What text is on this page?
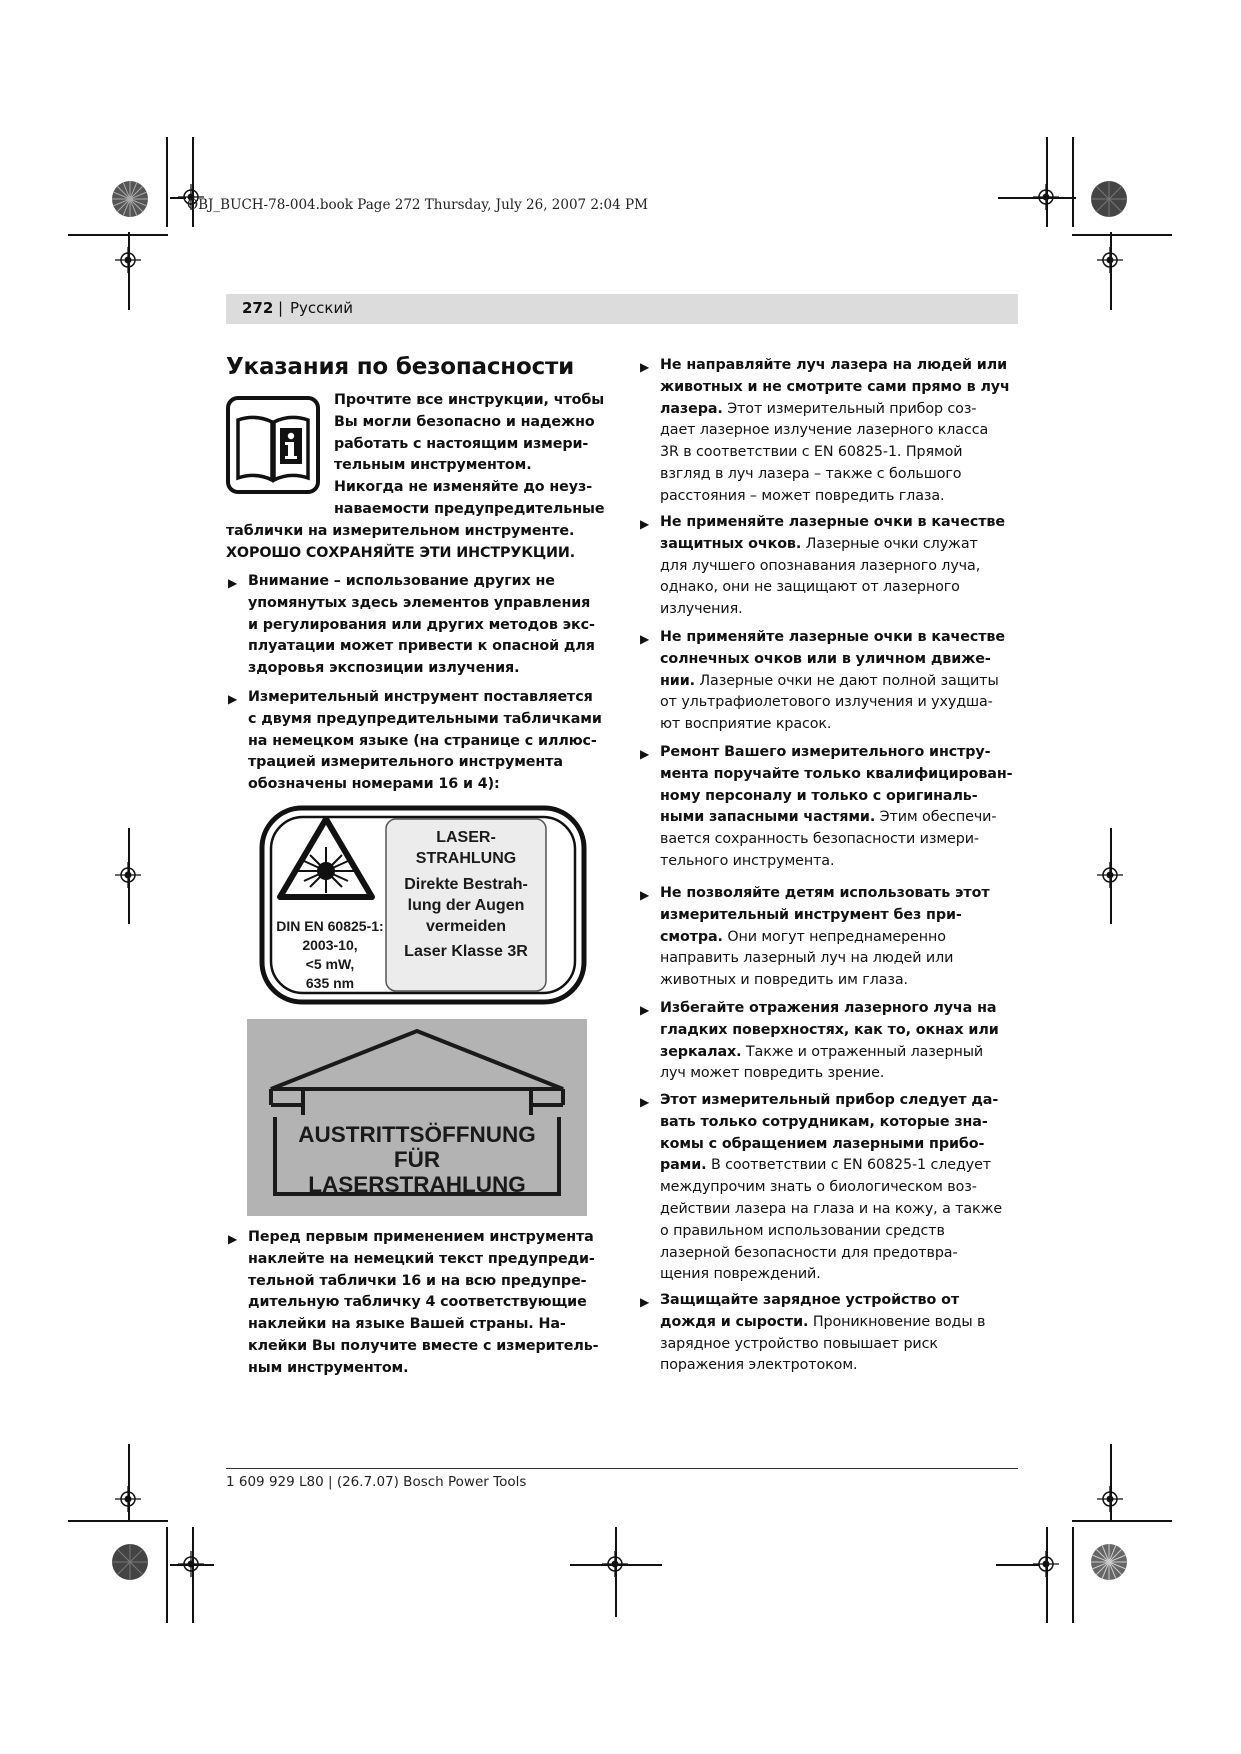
OBJ_BUCH-78-004.book Page 272 Thursday, July 26, 2007 2:04 PM
272 | Русский
Указания по безопасности
Прочтите все инструкции, чтобы
Вы могли безопасно и надежно
работать с настоящим измери-
тельным инструментом.
Никогда не изменяйте до неуз-
наваемости предупредительные
таблички на измерительном инструменте.
ХОРОШО СОХРАНЯЙТЕ ЭТИ ИНСТРУКЦИИ.
▶ Внимание – использование других не
упомянутых здесь элементов управления
и регулирования или других методов экс-
плуатации может привести к опасной для
здоровья экспозиции излучения.
▶ Измерительный инструмент поставляется
с двумя предупредительными табличками
на немецком языке (на странице с иллюс-
трацией измерительного инструмента
обозначены номерами 16 и 4):
DIN EN 60825-1:
2003-10,
<5 mW,
635 nm
LASER-
STRAHLUNG
Direkte Bestrah-
lung der Augen
vermeiden
Laser Klasse 3R
AUSTRITTSÖFFNUNG
FÜR
LASERSTRAHLUNG
▶ Перед первым применением инструмента
наклейте на немецкий текст предупреди-
тельной таблички 16 и на всю предупре-
дительную табличку 4 соответствующие
наклейки на языке Вашей страны. На-
клейки Вы получите вместе с измеритель-
ным инструментом.
▶ Не направляйте луч лазера на людей или
животных и не смотрите сами прямо в луч
лазера. Этот измерительный прибор соз-
дает лазерное излучение лазерного класса
3R в соответствии с EN 60825-1. Прямой
взгляд в луч лазера – также с большого
расстояния – может повредить глаза.
▶ Не применяйте лазерные очки в качестве
защитных очков. Лазерные очки служат
для лучшего опознавания лазерного луча,
однако, они не защищают от лазерного
излучения.
▶ Не применяйте лазерные очки в качестве
солнечных очков или в уличном движе-
нии. Лазерные очки не дают полной защиты
от ультрафиолетового излучения и ухудша-
ют восприятие красок.
▶ Ремонт Вашего измерительного инстру-
мента поручайте только квалифицирован-
ному персоналу и только с оригиналь-
ными запасными частями. Этим обеспечи-
вается сохранность безопасности измери-
тельного инструмента.
▶ Не позволяйте детям использовать этот
измерительный инструмент без при-
смотра. Они могут непреднамеренно
направить лазерный луч на людей или
животных и повредить им глаза.
▶ Избегайте отражения лазерного луча на
гладких поверхностях, как то, окнах или
зеркалах. Также и отраженный лазерный
луч может повредить зрение.
▶ Этот измерительный прибор следует да-
вать только сотрудникам, которые зна-
комы с обращением лазерными прибо-
рами. В соответствии с EN 60825-1 следует
междупрочим знать о биологическом воз-
действии лазера на глаза и на кожу, а также
о правильном использовании средств
лазерной безопасности для предотвра-
щения повреждений.
▶ Защищайте зарядное устройство от
дождя и сырости. Проникновение воды в
зарядное устройство повышает риск
поражения электротоком.
1 609 929 L80 | (26.7.07) Bosch Power Tools
